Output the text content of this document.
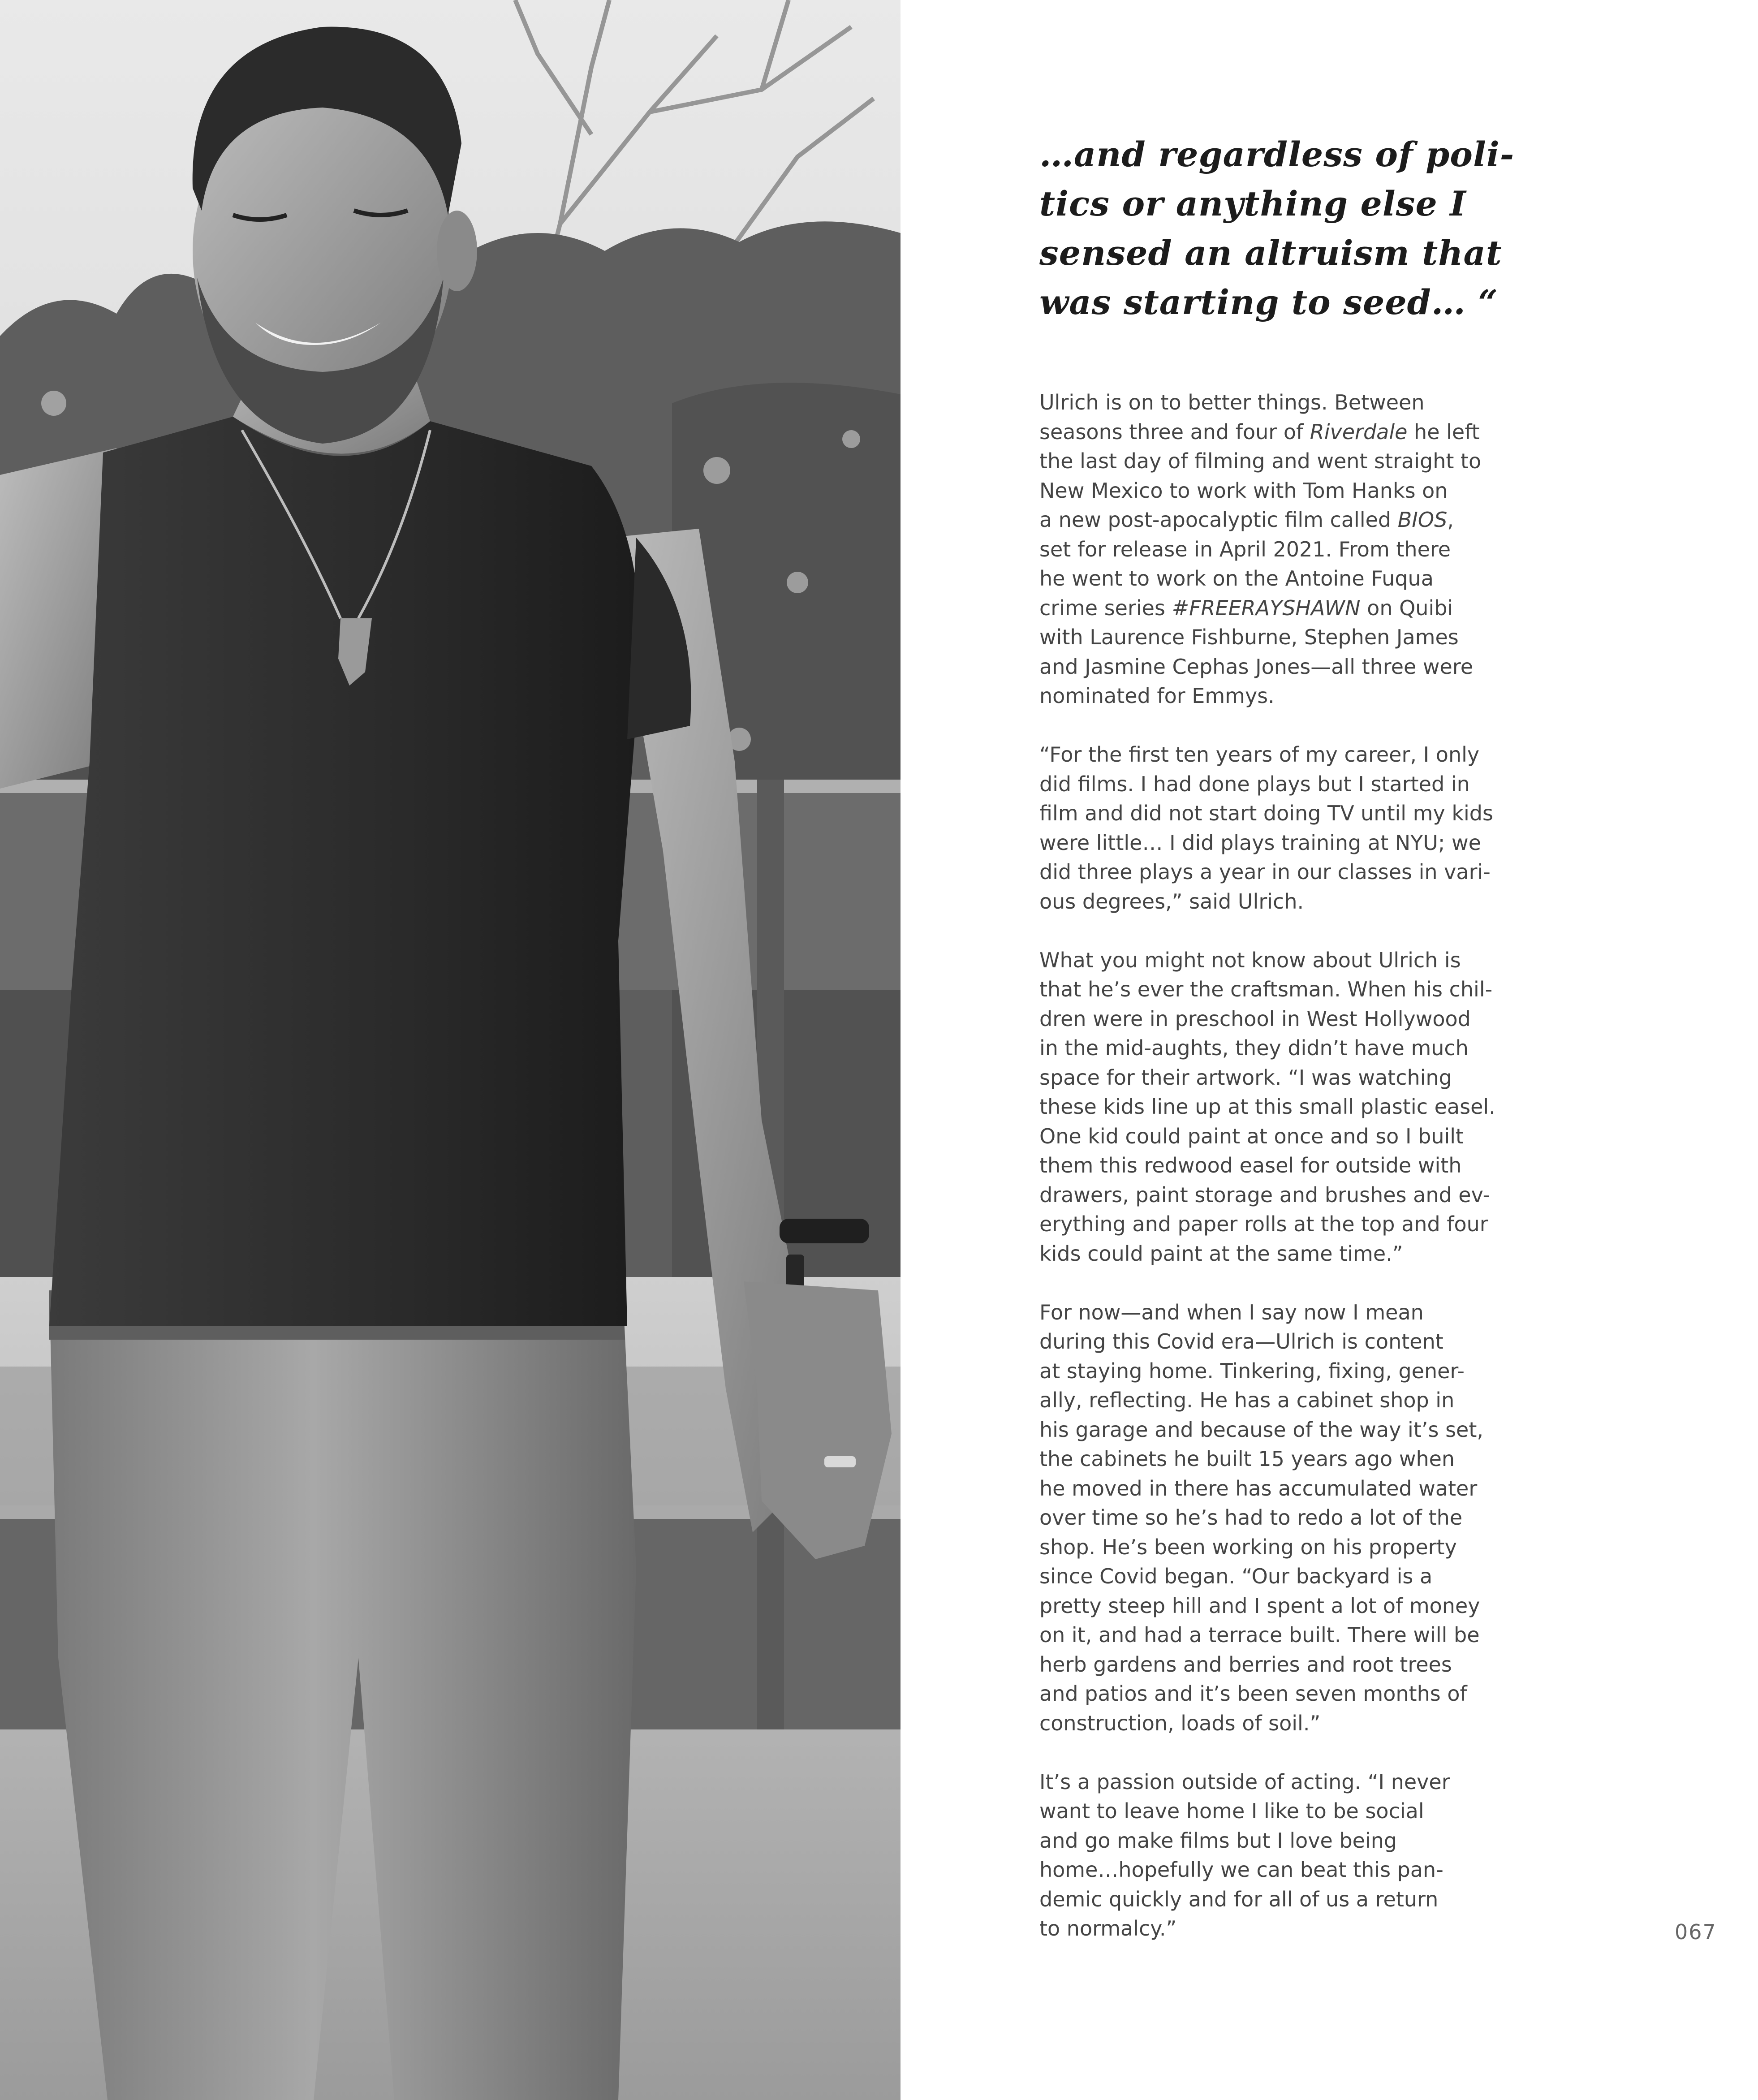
…and regardless of poli-
tics or anything else I
sensed an altruism that
was starting to seed… “

Ulrich is on to better things. Between
seasons three and four of Riverdale he left
the last day of filming and went straight to
New Mexico to work with Tom Hanks on
a new post-apocalyptic film called BIOS,
set for release in April 2021. From there
he went to work on the Antoine Fuqua
crime series #FREERAYSHAWN on Quibi
with Laurence Fishburne, Stephen James
and Jasmine Cephas Jones—all three were
nominated for Emmys.

“For the first ten years of my career, I only
did films. I had done plays but I started in
film and did not start doing TV until my kids
were little… I did plays training at NYU; we
did three plays a year in our classes in vari-
ous degrees,” said Ulrich.

What you might not know about Ulrich is
that he’s ever the craftsman. When his chil-
dren were in preschool in West Hollywood
in the mid-aughts, they didn’t have much
space for their artwork. “I was watching
these kids line up at this small plastic easel.
One kid could paint at once and so I built
them this redwood easel for outside with
drawers, paint storage and brushes and ev-
erything and paper rolls at the top and four
kids could paint at the same time.”

For now—and when I say now I mean
during this Covid era—Ulrich is content
at staying home. Tinkering, fixing, gener-
ally, reflecting. He has a cabinet shop in
his garage and because of the way it’s set,
the cabinets he built 15 years ago when
he moved in there has accumulated water
over time so he’s had to redo a lot of the
shop. He’s been working on his property
since Covid began. “Our backyard is a
pretty steep hill and I spent a lot of money
on it, and had a terrace built. There will be
herb gardens and berries and root trees
and patios and it’s been seven months of
construction, loads of soil.”

It’s a passion outside of acting. “I never
want to leave home I like to be social
and go make films but I love being
home…hopefully we can beat this pan-
demic quickly and for all of us a return
to normalcy.”	067
